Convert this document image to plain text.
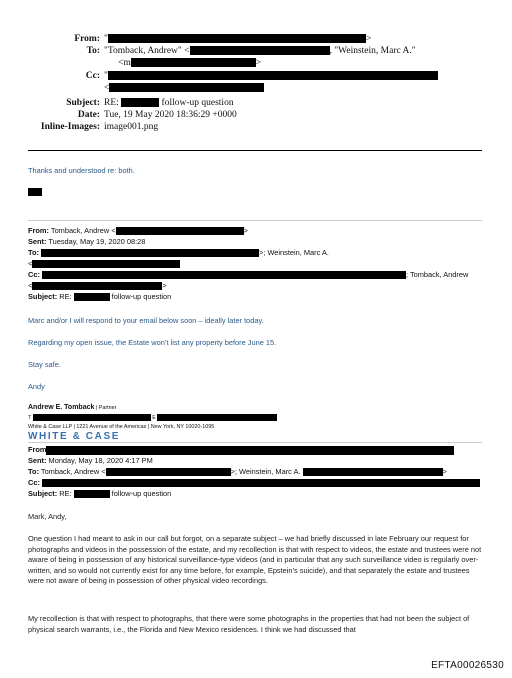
From: "	>
To: "Tomback, Andrew" <	, "Weinstein, Marc A."
<m	>
Cc: "
<
Subject: RE:	follow-up question
Date: Tue, 19 May 2020 18:36:29 +0000
Inline-Images: image001.png
Thanks and understood re: both.
From: Tomback, Andrew <	>
Sent: Tuesday, May 19, 2020 08:28
To:	>; Weinstein, Marc A.
<
Cc:	; Tomback, Andrew
<	>
Subject: RE:	follow-up question
Marc and/or I will respond to your email below soon – ideally later today.
Regarding my open issue, the Estate won’t list any property before June 15.
Stay safe.
Andy
Andrew E. Tomback | Partner
T	E
White & Case LLP | 1221 Avenue of the Americas | New York, NY 10020-1095
WHITE & CASE
From
Sent: Monday, May 18, 2020 4:17 PM
To: Tomback, Andrew <	>; Weinstein, Marc A.	>
Cc:
Subject: RE:	follow-up question
Mark, Andy,
One question I had meant to ask in our call but forgot, on a separate subject – we had briefly discussed in late February our request for photographs and videos in the possession of the estate, and my recollection is that with respect to videos, the estate and trustees were not aware of being in possession of any historical surveillance-type videos (and in particular that any such surveillance video is regularly over-written, and so would not currently exist for any time before, for example, Epstein’s suicide), and that separately the estate and trustees were not aware of being in possession of other physical video recordings.
My recollection is that with respect to photographs, that there were some photographs in the properties that had not been the subject of physical search warrants, i.e., the Florida and New Mexico residences. I think we had discussed that
EFTA00026530
